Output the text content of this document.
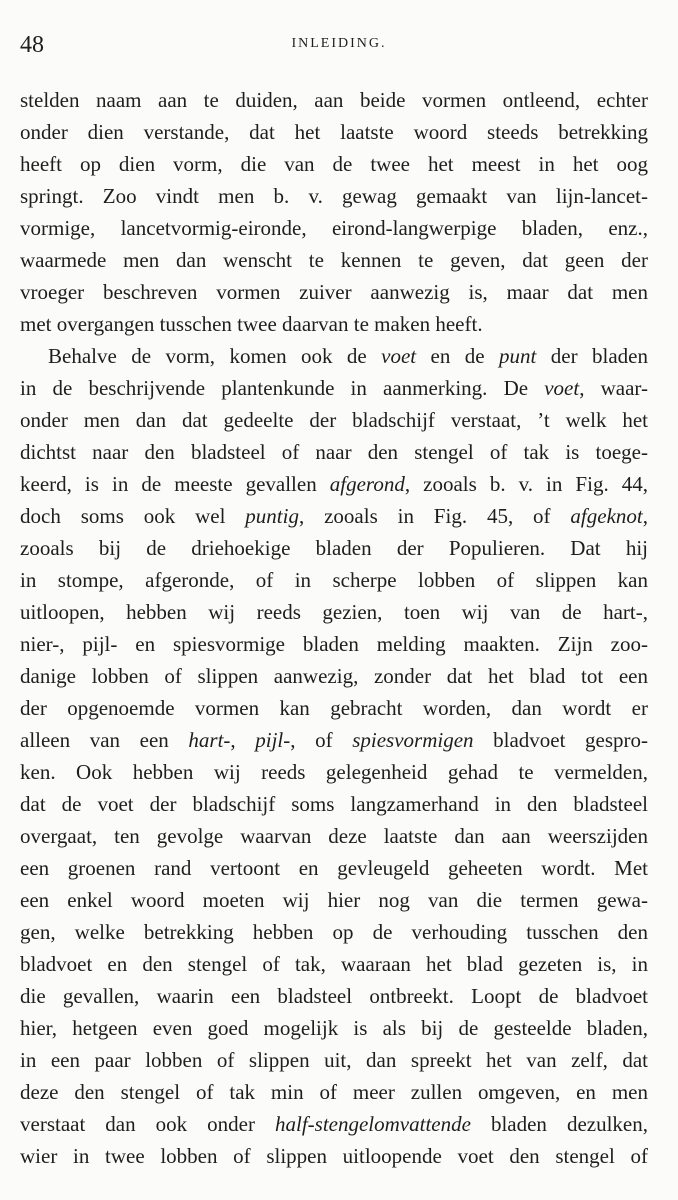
48	INLEIDING.
stelden naam aan te duiden, aan beide vormen ontleend, echter
onder dien verstande, dat het laatste woord steeds betrekking
heeft op dien vorm, die van de twee het meest in het oog
springt. Zoo vindt men b. v. gewag gemaakt van lijn-lancet-
vormige, lancetvormig-eironde, eirond-langwerpige bladen, enz.,
waarmede men dan wenscht te kennen te geven, dat geen der
vroeger beschreven vormen zuiver aanwezig is, maar dat men
met overgangen tusschen twee daarvan te maken heeft.
Behalve de vorm, komen ook de voet en de punt der bladen
in de beschrijvende plantenkunde in aanmerking. De voet, waar-
onder men dan dat gedeelte der bladschijf verstaat, ’t welk het
dichtst naar den bladsteel of naar den stengel of tak is toege-
keerd, is in de meeste gevallen afgerond, zooals b. v. in Fig. 44,
doch soms ook wel puntig, zooals in Fig. 45, of afgeknot,
zooals bij de driehoekige bladen der Populieren. Dat hij
in stompe, afgeronde, of in scherpe lobben of slippen kan
uitloopen, hebben wij reeds gezien, toen wij van de hart-,
nier-, pijl- en spiesvormige bladen melding maakten. Zijn zoo-
danige lobben of slippen aanwezig, zonder dat het blad tot een
der opgenoemde vormen kan gebracht worden, dan wordt er
alleen van een hart-, pijl-, of spiesvormigen bladvoet gespro-
ken. Ook hebben wij reeds gelegenheid gehad te vermelden,
dat de voet der bladschijf soms langzamerhand in den bladsteel
overgaat, ten gevolge waarvan deze laatste dan aan weerszijden
een groenen rand vertoont en gevleugeld geheeten wordt. Met
een enkel woord moeten wij hier nog van die termen gewa-
gen, welke betrekking hebben op de verhouding tusschen den
bladvoet en den stengel of tak, waaraan het blad gezeten is, in
die gevallen, waarin een bladsteel ontbreekt. Loopt de bladvoet
hier, hetgeen even goed mogelijk is als bij de gesteelde bladen,
in een paar lobben of slippen uit, dan spreekt het van zelf, dat
deze den stengel of tak min of meer zullen omgeven, en men
verstaat dan ook onder half-stengelomvattende bladen dezulken,
wier in twee lobben of slippen uitloopende voet den stengel of
